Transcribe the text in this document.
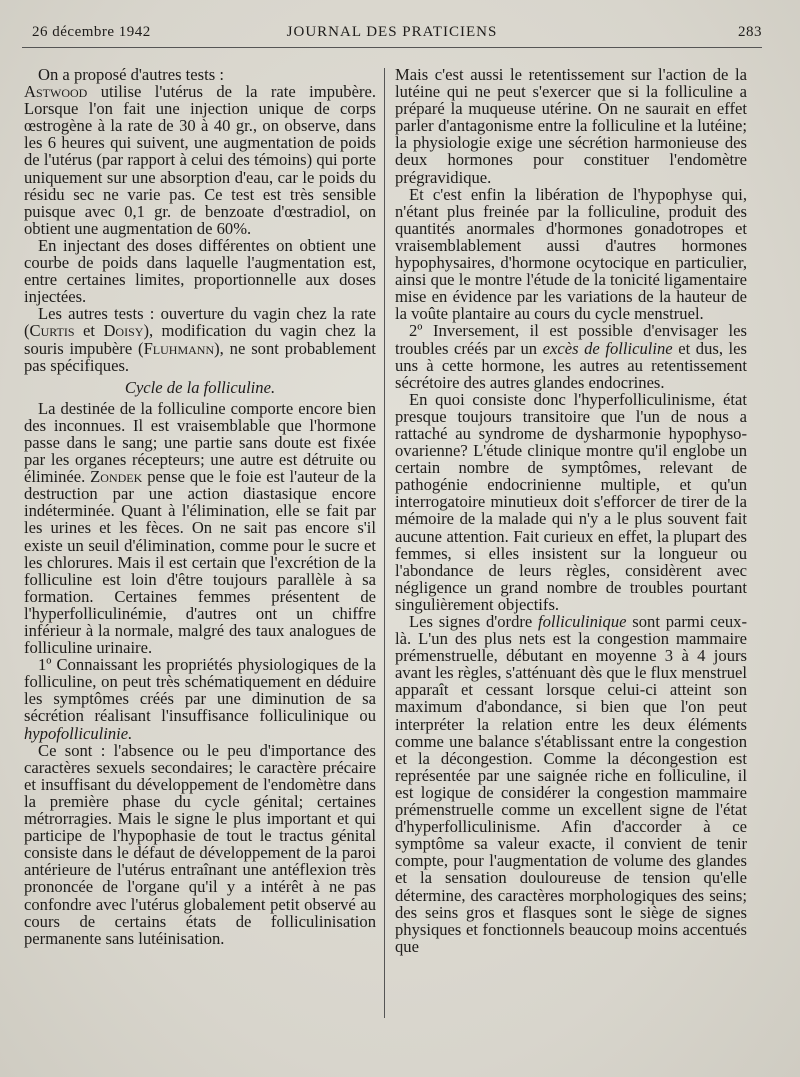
26 décembre 1942	JOURNAL DES PRATICIENS	283

On a proposé d'autres tests :

Astwood utilise l'utérus de la rate impubère. Lorsque l'on fait une injection unique de corps œstrogène à la rate de 30 à 40 gr., on observe, dans les 6 heures qui suivent, une augmentation de poids de l'utérus (par rapport à celui des témoins) qui porte uniquement sur une absorption d'eau, car le poids du résidu sec ne varie pas. Ce test est très sensible puisque avec 0,1 gr. de benzoate d'œstradiol, on obtient une augmentation de 60%.

En injectant des doses différentes on obtient une courbe de poids dans laquelle l'augmentation est, entre certaines limites, proportionnelle aux doses injectées.

Les autres tests : ouverture du vagin chez la rate (Curtis et Doisy), modification du vagin chez la souris impubère (Fluhmann), ne sont probablement pas spécifiques.

Cycle de la folliculine.

La destinée de la folliculine comporte encore bien des inconnues. Il est vraisemblable que l'hormone passe dans le sang; une partie sans doute est fixée par les organes récepteurs; une autre est détruite ou éliminée. Zondek pense que le foie est l'auteur de la destruction par une action diastasique encore indéterminée. Quant à l'élimination, elle se fait par les urines et les fèces. On ne sait pas encore s'il existe un seuil d'élimination, comme pour le sucre et les chlorures. Mais il est certain que l'excrétion de la folliculine est loin d'être toujours parallèle à sa formation. Certaines femmes présentent de l'hyperfolliculinémie, d'autres ont un chiffre inférieur à la normale, malgré des taux analogues de folliculine urinaire.

1º Connaissant les propriétés physiologiques de la folliculine, on peut très schématiquement en déduire les symptômes créés par une diminution de sa sécrétion réalisant l'insuffisance folliculinique ou hypofolliculinie.

Ce sont : l'absence ou le peu d'importance des caractères sexuels secondaires; le caractère précaire et insuffisant du développement de l'endomètre dans la première phase du cycle génital; certaines métrorragies. Mais le signe le plus important et qui participe de l'hypophasie de tout le tractus génital consiste dans le défaut de développement de la paroi antérieure de l'utérus entraînant une antéflexion très prononcée de l'organe qu'il y a intérêt à ne pas confondre avec l'utérus globalement petit observé au cours de certains états de folliculinisation permanente sans lutéinisation.

Mais c'est aussi le retentissement sur l'action de la lutéine qui ne peut s'exercer que si la folliculine a préparé la muqueuse utérine. On ne saurait en effet parler d'antagonisme entre la folliculine et la lutéine; la physiologie exige une sécrétion harmonieuse des deux hormones pour constituer l'endomètre prégravidique.

Et c'est enfin la libération de l'hypophyse qui, n'étant plus freinée par la folliculine, produit des quantités anormales d'hormones gonadotropes et vraisemblablement aussi d'autres hormones hypophysaires, d'hormone ocytocique en particulier, ainsi que le montre l'étude de la tonicité ligamentaire mise en évidence par les variations de la hauteur de la voûte plantaire au cours du cycle menstruel.

2º Inversement, il est possible d'envisager les troubles créés par un excès de folliculine et dus, les uns à cette hormone, les autres au retentissement sécrétoire des autres glandes endocrines.

En quoi consiste donc l'hyperfolliculinisme, état presque toujours transitoire que l'un de nous a rattaché au syndrome de dysharmonie hypophyso-ovarienne? L'étude clinique montre qu'il englobe un certain nombre de symptômes, relevant de pathogénie endocrinienne multiple, et qu'un interrogatoire minutieux doit s'efforcer de tirer de la mémoire de la malade qui n'y a le plus souvent fait aucune attention. Fait curieux en effet, la plupart des femmes, si elles insistent sur la longueur ou l'abondance de leurs règles, considèrent avec négligence un grand nombre de troubles pourtant singulièrement objectifs.

Les signes d'ordre folliculinique sont parmi ceux-là. L'un des plus nets est la congestion mammaire prémenstruelle, débutant en moyenne 3 à 4 jours avant les règles, s'atténuant dès que le flux menstruel apparaît et cessant lorsque celui-ci atteint son maximum d'abondance, si bien que l'on peut interpréter la relation entre les deux éléments comme une balance s'établissant entre la congestion et la décongestion. Comme la décongestion est représentée par une saignée riche en folliculine, il est logique de considérer la congestion mammaire prémenstruelle comme un excellent signe de l'état d'hyperfolliculinisme. Afin d'accorder à ce symptôme sa valeur exacte, il convient de tenir compte, pour l'augmentation de volume des glandes et la sensation douloureuse de tension qu'elle détermine, des caractères morphologiques des seins; des seins gros et flasques sont le siège de signes physiques et fonctionnels beaucoup moins accentués que
